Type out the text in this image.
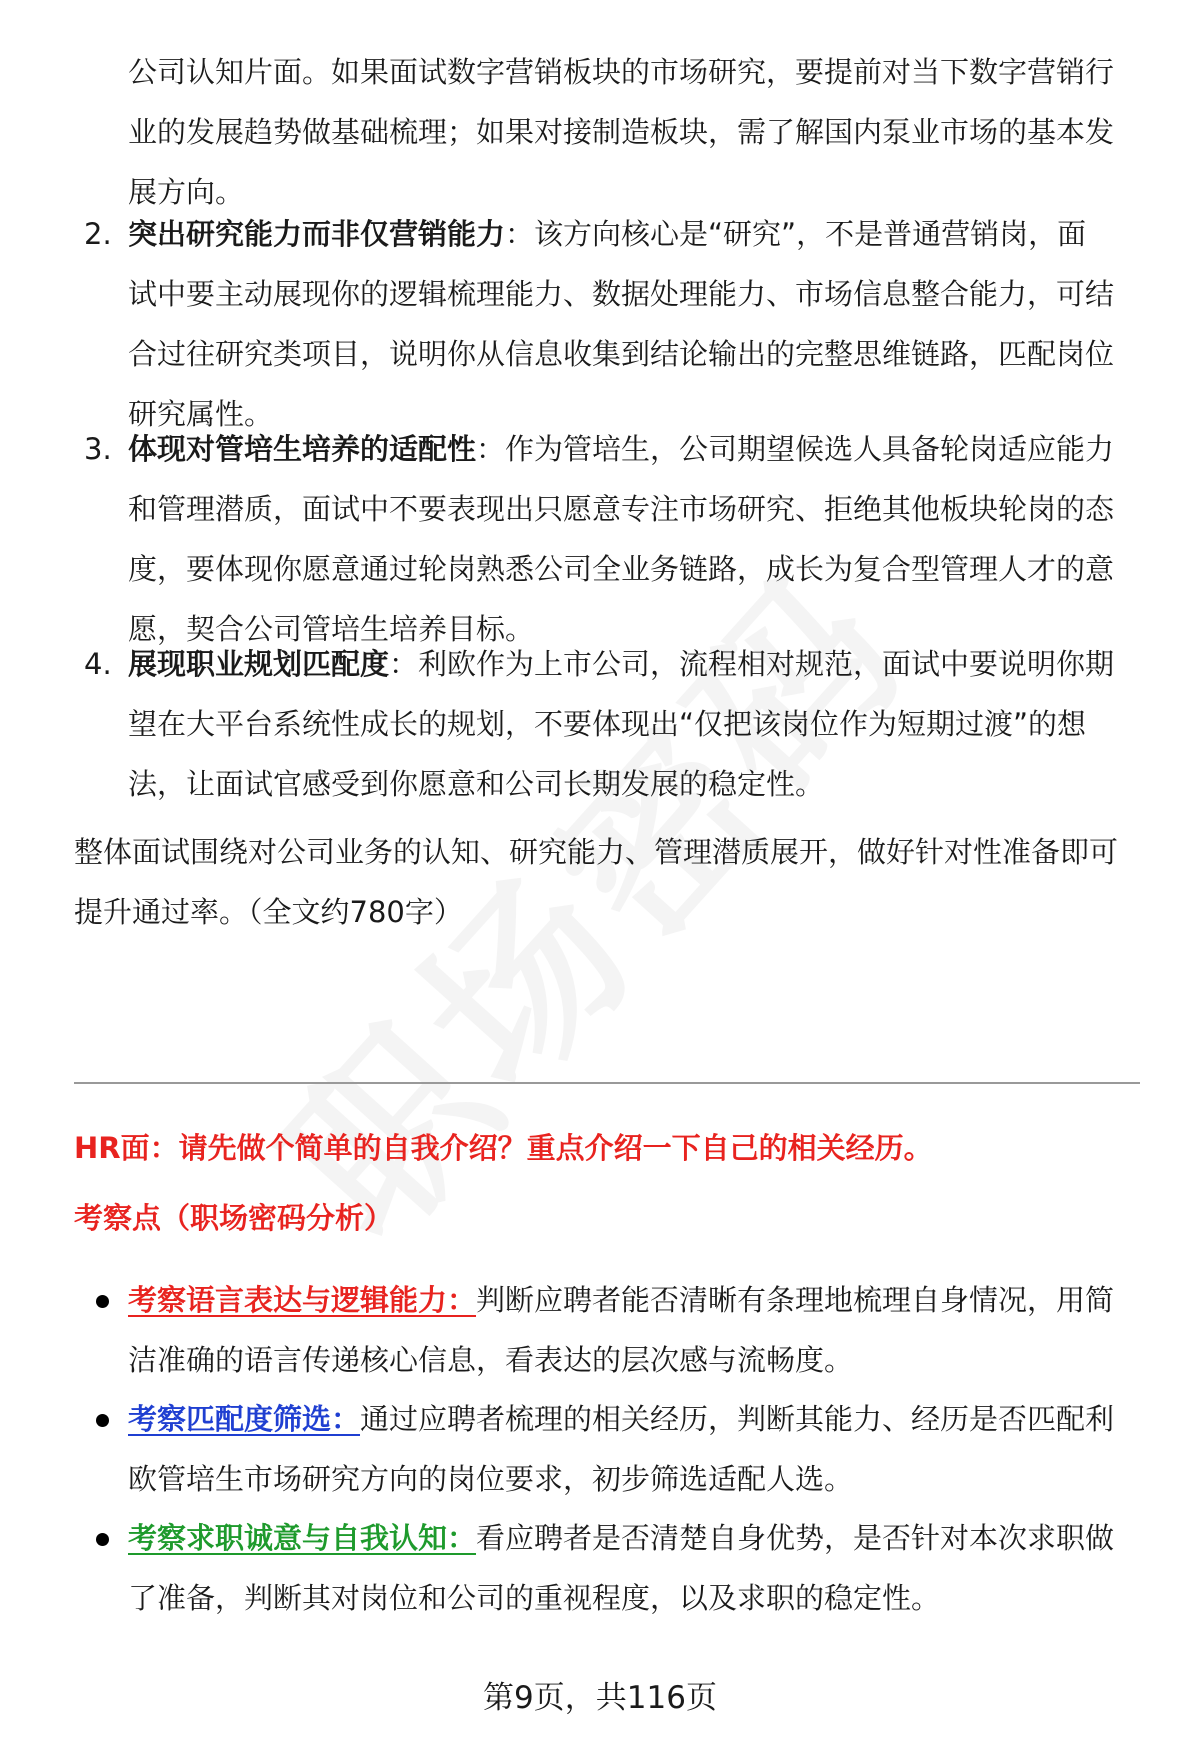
公司认知片面。如果面试数字营销板块的市场研究，要提前对当下数字营销行
业的发展趋势做基础梳理；如果对接制造板块，需了解国内泵业市场的基本发
展方向。

2. 突出研究能力而非仅营销能力：该方向核心是“研究”，不是普通营销岗，面
试中要主动展现你的逻辑梳理能力、数据处理能力、市场信息整合能力，可结
合过往研究类项目，说明你从信息收集到结论输出的完整思维链路，匹配岗位
研究属性。

3. 体现对管培生培养的适配性：作为管培生，公司期望候选人具备轮岗适应能力
和管理潜质，面试中不要表现出只愿意专注市场研究、拒绝其他板块轮岗的态
度，要体现你愿意通过轮岗熟悉公司全业务链路，成长为复合型管理人才的意
愿，契合公司管培生培养目标。

4. 展现职业规划匹配度：利欧作为上市公司，流程相对规范，面试中要说明你期
望在大平台系统性成长的规划，不要体现出“仅把该岗位作为短期过渡”的想
法，让面试官感受到你愿意和公司长期发展的稳定性。

整体面试围绕对公司业务的认知、研究能力、管理潜质展开，做好针对性准备即可
提升通过率。（全文约780字）

HR面：请先做个简单的自我介绍？重点介绍一下自己的相关经历。

考察点（职场密码分析）

考察语言表达与逻辑能力：判断应聘者能否清晰有条理地梳理自身情况，用简
洁准确的语言传递核心信息，看表达的层次感与流畅度。

考察匹配度筛选：通过应聘者梳理的相关经历，判断其能力、经历是否匹配利
欧管培生市场研究方向的岗位要求，初步筛选适配人选。

考察求职诚意与自我认知：看应聘者是否清楚自身优势，是否针对本次求职做
了准备，判断其对岗位和公司的重视程度，以及求职的稳定性。

第9页，共116页
